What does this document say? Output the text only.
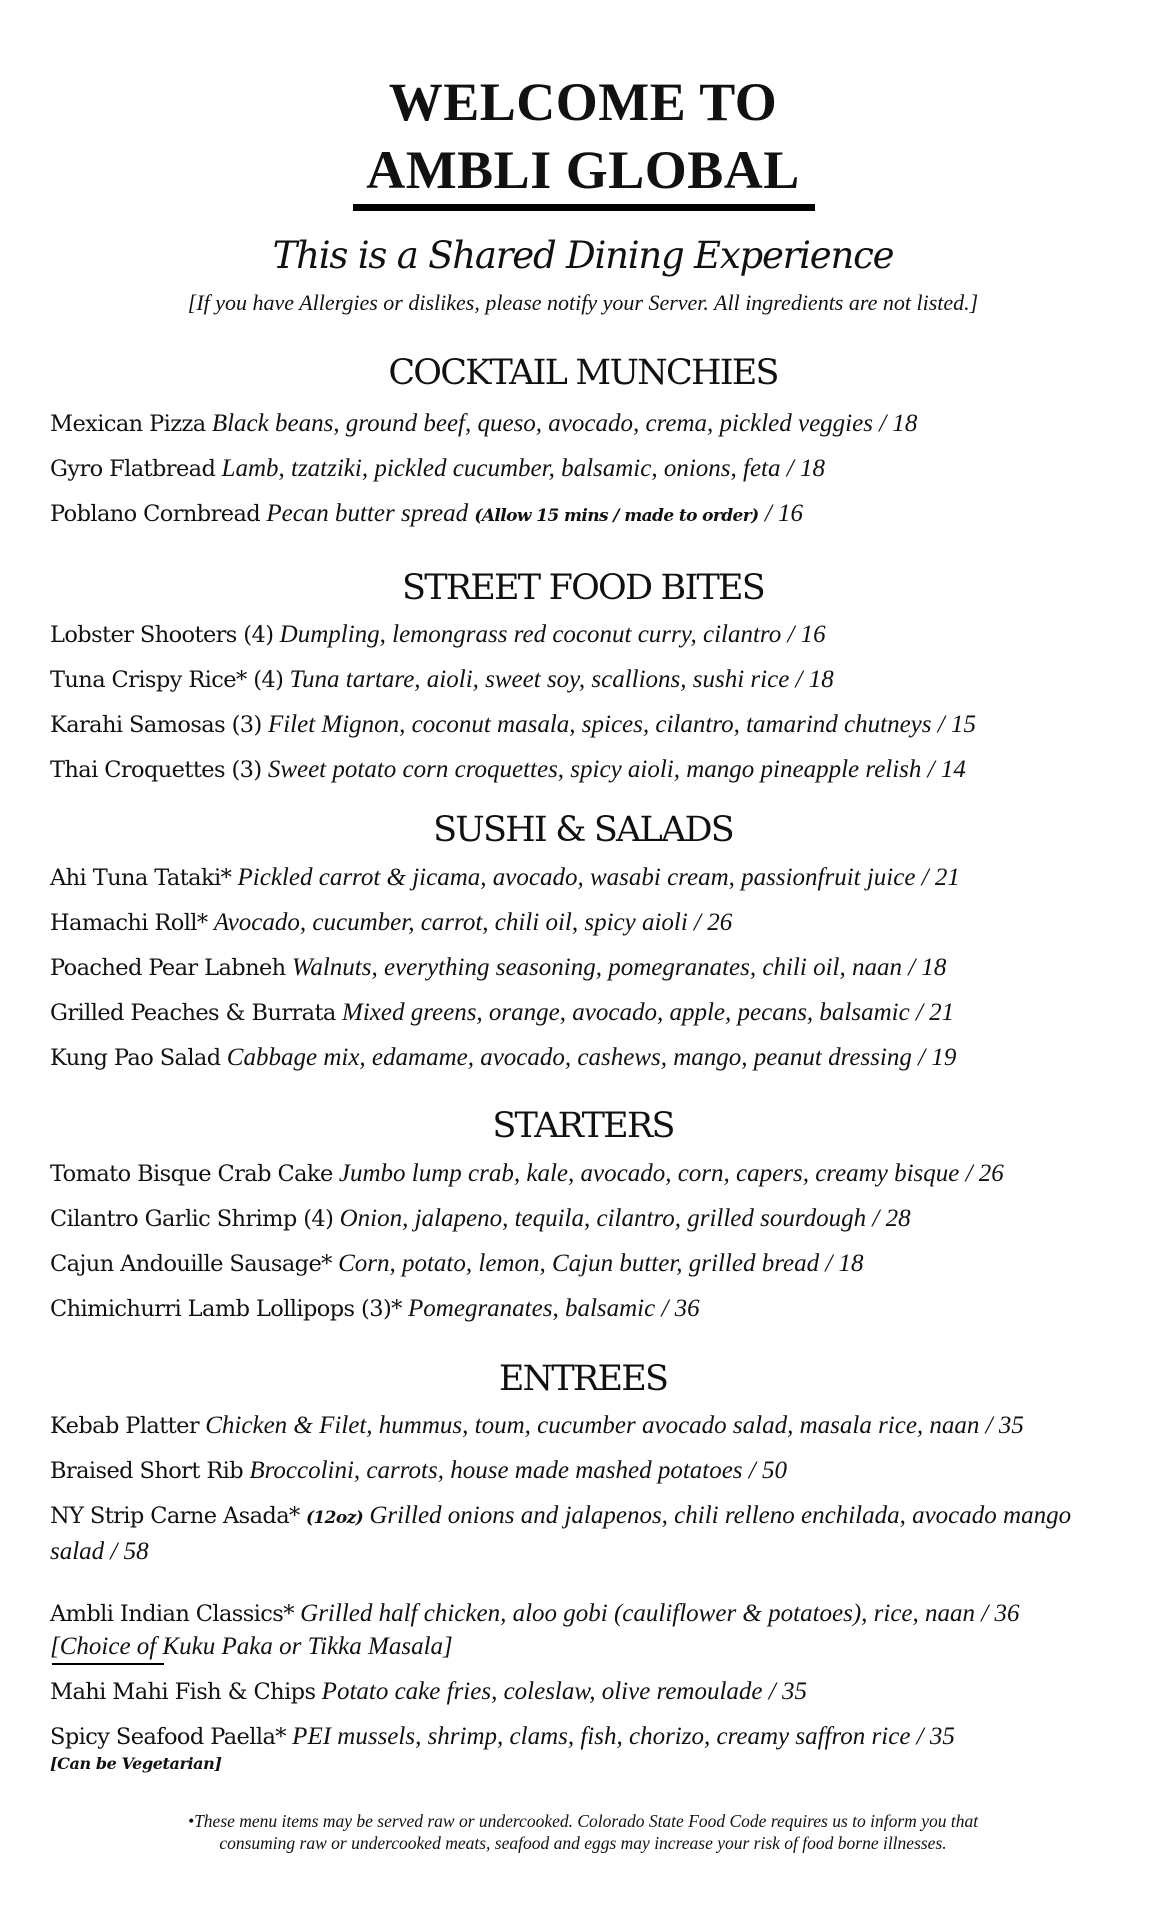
WELCOME TO
AMBLI GLOBAL
This is a Shared Dining Experience
[If you have Allergies or dislikes, please notify your Server. All ingredients are not listed.]
COCKTAIL MUNCHIES
Mexican Pizza Black beans, ground beef, queso, avocado, crema, pickled veggies / 18
Gyro Flatbread Lamb, tzatziki, pickled cucumber, balsamic, onions, feta / 18
Poblano Cornbread Pecan butter spread (Allow 15 mins / made to order) / 16
STREET FOOD BITES
Lobster Shooters (4) Dumpling, lemongrass red coconut curry, cilantro / 16
Tuna Crispy Rice* (4) Tuna tartare, aioli, sweet soy, scallions, sushi rice / 18
Karahi Samosas (3) Filet Mignon, coconut masala, spices, cilantro, tamarind chutneys / 15
Thai Croquettes (3) Sweet potato corn croquettes, spicy aioli, mango pineapple relish / 14
SUSHI & SALADS
Ahi Tuna Tataki* Pickled carrot & jicama, avocado, wasabi cream, passionfruit juice / 21
Hamachi Roll* Avocado, cucumber, carrot, chili oil, spicy aioli / 26
Poached Pear Labneh Walnuts, everything seasoning, pomegranates, chili oil, naan / 18
Grilled Peaches & Burrata Mixed greens, orange, avocado, apple, pecans, balsamic / 21
Kung Pao Salad Cabbage mix, edamame, avocado, cashews, mango, peanut dressing / 19
STARTERS
Tomato Bisque Crab Cake Jumbo lump crab, kale, avocado, corn, capers, creamy bisque / 26
Cilantro Garlic Shrimp (4) Onion, jalapeno, tequila, cilantro, grilled sourdough / 28
Cajun Andouille Sausage* Corn, potato, lemon, Cajun butter, grilled bread / 18
Chimichurri Lamb Lollipops (3)* Pomegranates, balsamic / 36
ENTREES
Kebab Platter Chicken & Filet, hummus, toum, cucumber avocado salad, masala rice, naan / 35
Braised Short Rib Broccolini, carrots, house made mashed potatoes / 50
NY Strip Carne Asada* (12oz) Grilled onions and jalapenos, chili relleno enchilada, avocado mango salad / 58
Ambli Indian Classics* Grilled half chicken, aloo gobi (cauliflower & potatoes), rice, naan / 36
[Choice of Kuku Paka or Tikka Masala]
Mahi Mahi Fish & Chips Potato cake fries, coleslaw, olive remoulade / 35
Spicy Seafood Paella* PEI mussels, shrimp, clams, fish, chorizo, creamy saffron rice / 35
[Can be Vegetarian]
•These menu items may be served raw or undercooked. Colorado State Food Code requires us to inform you that
consuming raw or undercooked meats, seafood and eggs may increase your risk of food borne illnesses.
